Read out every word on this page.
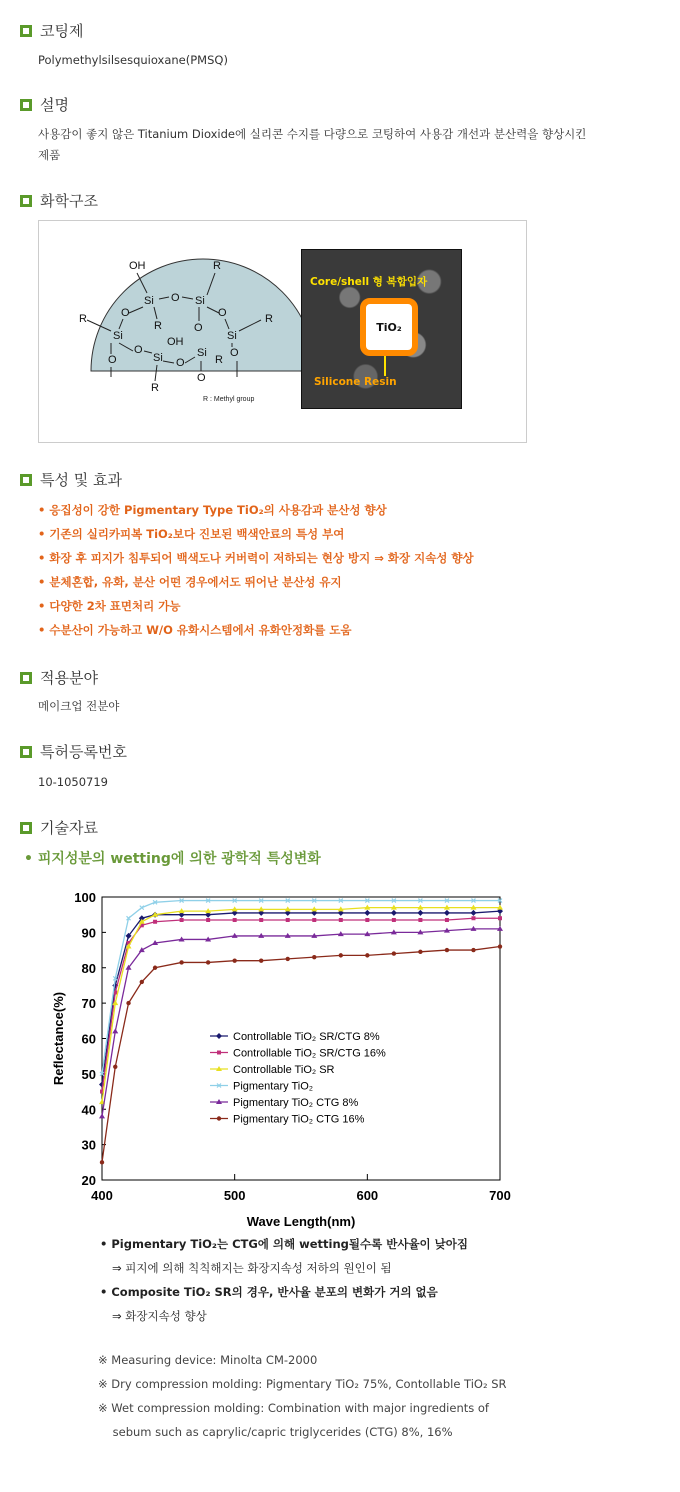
코팅제
Polymethylsilsesquioxane(PMSQ)
설명
사용감이 좋지 않은 Titanium Dioxide에 실리콘 수지를 다량으로 코팅하여 사용감 개선과 분산력을 향상시킨
제품
화학구조
OH	R
R	R
Si O Si
O	O
R	O
Si	Si
OH
O
Si O
Si
R
O
O
O
R
R : Methyl group
Core/shell 형 복합입자
TiO₂
Silicone Resin
특성 및 효과
• 응집성이 강한 Pigmentary Type TiO₂의 사용감과 분산성 향상
• 기존의 실리카피복 TiO₂보다 진보된 백색안료의 특성 부여
• 화장 후 피지가 침투되어 백색도나 커버력이 저하되는 현상 방지 ⇒ 화장 지속성 향상
• 분체혼합, 유화, 분산 어떤 경우에서도 뛰어난 분산성 유지
• 다양한 2차 표면처리 가능
• 수분산이 가능하고 W/O 유화시스템에서 유화안정화를 도움
적용분야
메이크업 전분야
특허등록번호
10-1050719
기술자료
• 피지성분의 wetting에 의한 광학적 특성변화
20
30
40
50
60
70
80
90
100
400	500	600	700
Wave Length(nm)
Reflectance(%)	Controllable TiO₂ SR/CTG 8%
Controllable TiO₂ SR/CTG 16%
Controllable TiO₂ SR
Pigmentary TiO₂
Pigmentary TiO₂ CTG 8%
Pigmentary TiO₂ CTG 16%
• Pigmentary TiO₂는 CTG에 의해 wetting될수록 반사율이 낮아짐
⇒ 피지에 의해 칙칙해지는 화장지속성 저하의 원인이 됨
• Composite TiO₂ SR의 경우, 반사율 분포의 변화가 거의 없음
⇒ 화장지속성 향상
※ Measuring device: Minolta CM-2000
※ Dry compression molding: Pigmentary TiO₂ 75%, Contollable TiO₂ SR
※ Wet compression molding: Combination with major ingredients of
sebum such as caprylic/capric triglycerides (CTG) 8%, 16%
